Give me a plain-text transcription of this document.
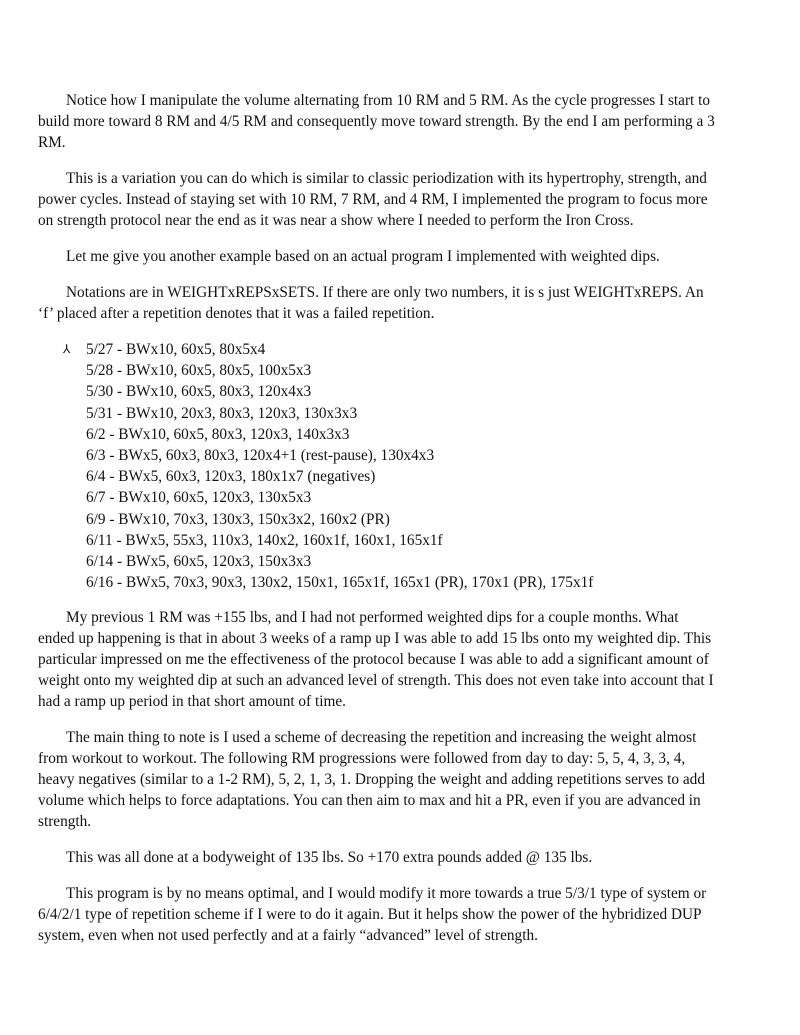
Notice how I manipulate the volume alternating from 10 RM and 5 RM. As the cycle progresses I start to build more toward 8 RM and 4/5 RM and consequently move toward strength. By the end I am performing a 3 RM.

This is a variation you can do which is similar to classic periodization with its hypertrophy, strength, and power cycles. Instead of staying set with 10 RM, 7 RM, and 4 RM, I implemented the program to focus more on strength protocol near the end as it was near a show where I needed to perform the Iron Cross.

Let me give you another example based on an actual program I implemented with weighted dips.

Notations are in WEIGHTxREPSxSETS. If there are only two numbers, it is s just WEIGHTxREPS. An ‘f’ placed after a repetition denotes that it was a failed repetition.

⅄ 5/27 - BWx10, 60x5, 80x5x4
5/28 - BWx10, 60x5, 80x5, 100x5x3
5/30 - BWx10, 60x5, 80x3, 120x4x3
5/31 - BWx10, 20x3, 80x3, 120x3, 130x3x3
6/2 - BWx10, 60x5, 80x3, 120x3, 140x3x3
6/3 - BWx5, 60x3, 80x3, 120x4+1 (rest-pause), 130x4x3
6/4 - BWx5, 60x3, 120x3, 180x1x7 (negatives)
6/7 - BWx10, 60x5, 120x3, 130x5x3
6/9 - BWx10, 70x3, 130x3, 150x3x2, 160x2 (PR)
6/11 - BWx5, 55x3, 110x3, 140x2, 160x1f, 160x1, 165x1f
6/14 - BWx5, 60x5, 120x3, 150x3x3
6/16 - BWx5, 70x3, 90x3, 130x2, 150x1, 165x1f, 165x1 (PR), 170x1 (PR), 175x1f

My previous 1 RM was +155 lbs, and I had not performed weighted dips for a couple months. What ended up happening is that in about 3 weeks of a ramp up I was able to add 15 lbs onto my weighted dip. This particular impressed on me the effectiveness of the protocol because I was able to add a significant amount of weight onto my weighted dip at such an advanced level of strength. This does not even take into account that I had a ramp up period in that short amount of time.

The main thing to note is I used a scheme of decreasing the repetition and increasing the weight almost from workout to workout. The following RM progressions were followed from day to day: 5, 5, 4, 3, 3, 4, heavy negatives (similar to a 1-2 RM), 5, 2, 1, 3, 1. Dropping the weight and adding repetitions serves to add volume which helps to force adaptations. You can then aim to max and hit a PR, even if you are advanced in strength.

This was all done at a bodyweight of 135 lbs. So +170 extra pounds added @ 135 lbs.

This program is by no means optimal, and I would modify it more towards a true 5/3/1 type of system or 6/4/2/1 type of repetition scheme if I were to do it again. But it helps show the power of the hybridized DUP system, even when not used perfectly and at a fairly “advanced” level of strength.
